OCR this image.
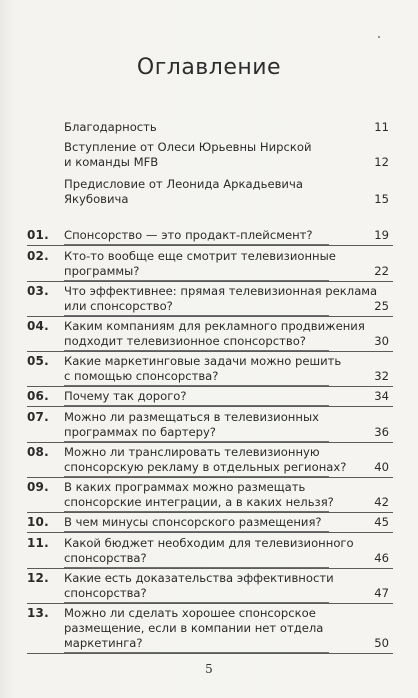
Оглавление
Благодарность	11
Вступление от Олеси Юрьевны Нирской
и команды MFB	12
Предисловие от Леонида Аркадьевича
Якубовича	15
01.	Спонсорство — это продакт-плейсмент?	19
02.	Кто-то вообще еще смотрит телевизионные
программы?	22
03.	Что эффективнее: прямая телевизионная реклама
или спонсорство?	25
04.	Каким компаниям для рекламного продвижения
подходит телевизионное спонсорство?	30
05.	Какие маркетинговые задачи можно решить
с помощью спонсорства?	32
06.	Почему так дорого?	34
07.	Можно ли размещаться в телевизионных
программах по бартеру?	36
08.	Можно ли транслировать телевизионную
спонсорскую рекламу в отдельных регионах? 40
09.	В каких программах можно размещать
спонсорские интеграции, а в каких нельзя?	42
10.	В чем минусы спонсорского размещения?	45
11.	Какой бюджет необходим для телевизионного
спонсорства?	46
12.	Какие есть доказательства эффективности
спонсорства?	47
13.	Можно ли сделать хорошее спонсорское
размещение, если в компании нет отдела
маркетинга?	50
5
